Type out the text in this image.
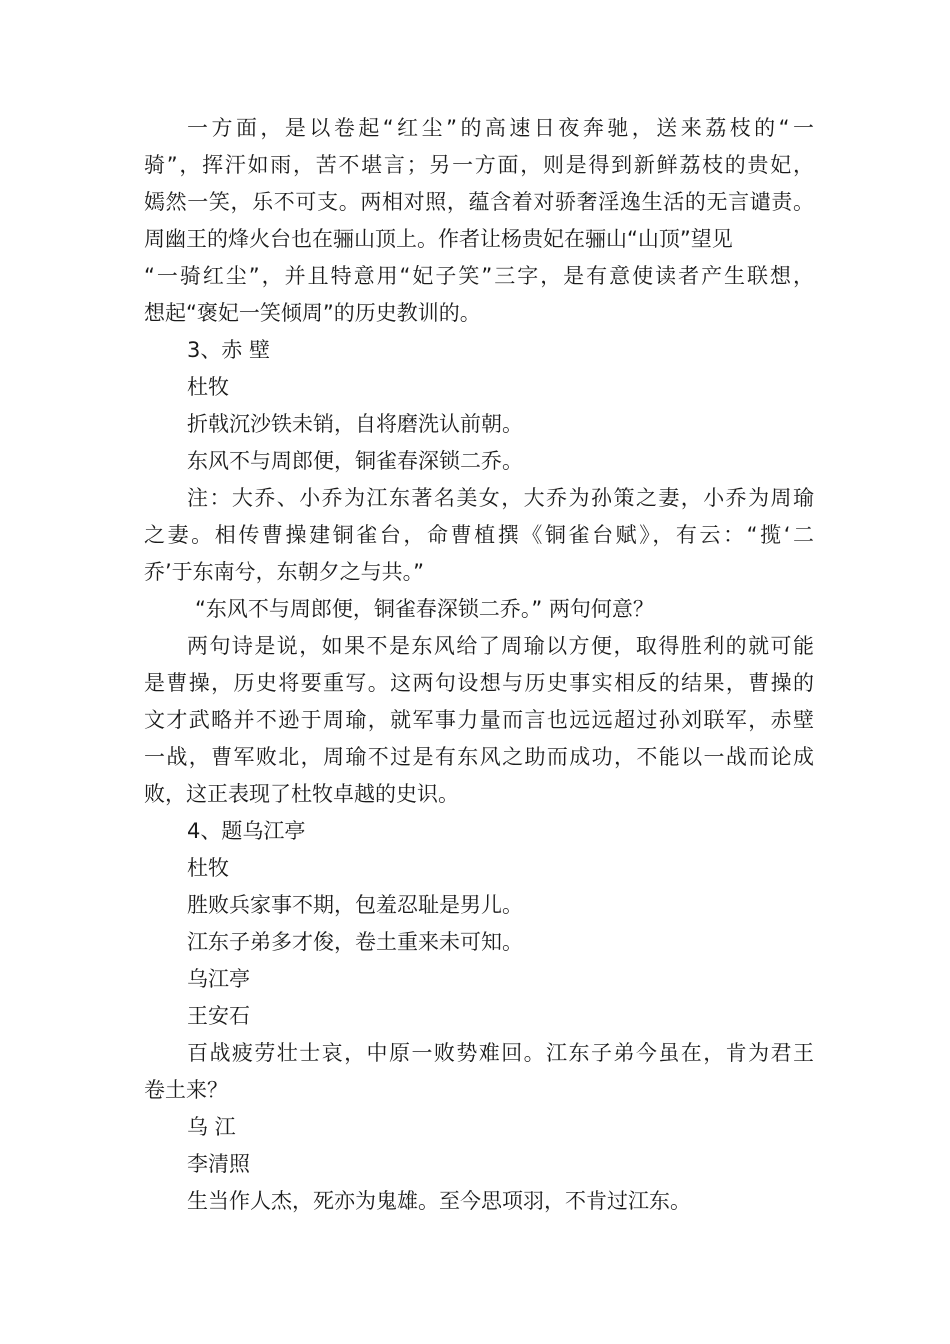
一方面，是以卷起“红尘”的高速日夜奔驰，送来荔枝的“一
骑”，挥汗如雨，苦不堪言；另一方面，则是得到新鲜荔枝的贵妃，
嫣然一笑，乐不可支。两相对照，蕴含着对骄奢淫逸生活的无言谴责。
周幽王的烽火台也在骊山顶上。作者让杨贵妃在骊山“山顶”望见
“一骑红尘”，并且特意用“妃子笑”三字，是有意使读者产生联想，
想起“褒妃一笑倾周”的历史教训的。
3、赤 壁
杜牧
折戟沉沙铁未销，自将磨洗认前朝。
东风不与周郎便，铜雀春深锁二乔。
注：大乔、小乔为江东著名美女，大乔为孙策之妻，小乔为周瑜
之妻。相传曹操建铜雀台，命曹植撰《铜雀台赋》，有云：“揽‘二
乔’于东南兮，东朝夕之与共。”
“东风不与周郎便，铜雀春深锁二乔。” 两句何意？
两句诗是说，如果不是东风给了周瑜以方便，取得胜利的就可能
是曹操，历史将要重写。这两句设想与历史事实相反的结果，曹操的
文才武略并不逊于周瑜，就军事力量而言也远远超过孙刘联军，赤壁
一战，曹军败北，周瑜不过是有东风之助而成功，不能以一战而论成
败，这正表现了杜牧卓越的史识。
4、题乌江亭
杜牧
胜败兵家事不期，包羞忍耻是男儿。
江东子弟多才俊，卷土重来未可知。
乌江亭
王安石
百战疲劳壮士哀，中原一败势难回。江东子弟今虽在，肯为君王
卷土来？
乌 江
李清照
生当作人杰，死亦为鬼雄。至今思项羽，不肯过江东。
